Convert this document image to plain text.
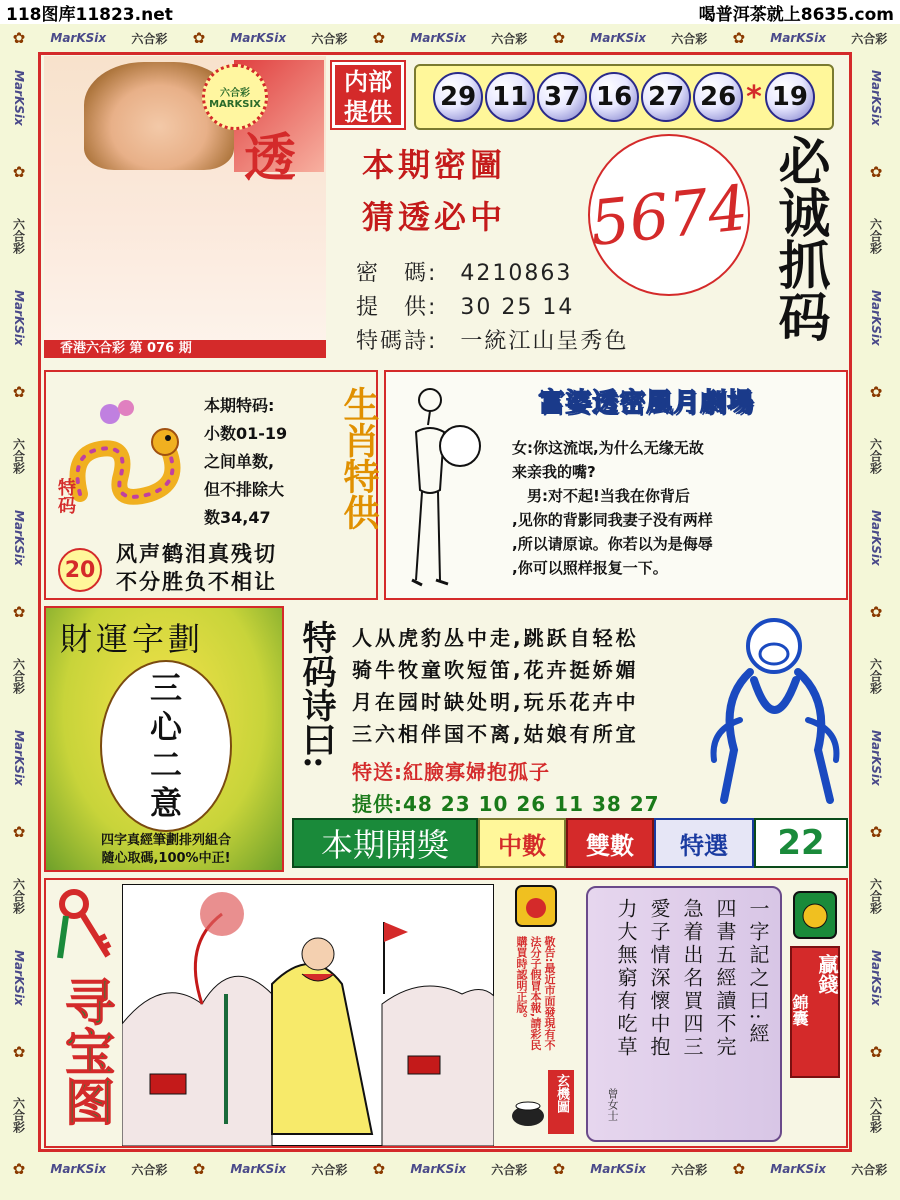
118图库11823.net	喝普洱茶就上8635.com
✿ MarKSix 六合彩 ✿ MarKSix 六合彩 ✿ MarKSix 六合彩 ✿ MarKSix 六合彩 ✿ MarKSix 六合彩
✿ MarKSix 六合彩 ✿ MarKSix 六合彩 ✿ MarKSix 六合彩 ✿ MarKSix 六合彩 ✿ MarKSix 六合彩
MarKSix
✿
六合彩
MarKSix
✿
六合彩
MarKSix
✿
六合彩
MarKSix
✿
六合彩
MarKSix
✿
六合彩
MarKSix
✿
六合彩
MarKSix
✿
六合彩
MarKSix
✿
六合彩
MarKSix
✿
六合彩
MarKSix
✿
六合彩
六合彩MARKSIX
透
香港六合彩 第 076 期
内部提供	29 11 37 16 27 26 * 19
本期密圖
猜透必中 5674 必诚抓码
密　碼: 4210863
提　供: 30 25 14
特碼詩: 一統江山呈秀色
特码
本期特码:
小数01-19
之间单数,
但不排除大
数34,47
20
风声鹤泪真残切
不分胜负不相让
生肖特供	富婆透密風月劇場
女:你这流氓,为什么无缘无故
来亲我的嘴?
　男:对不起!当我在你背后
,见你的背影同我妻子没有两样
,所以请原谅。你若以为是侮辱
,你可以照样报复一下。
財運字劃
三
心
二
意
四字真經筆劃排列組合
隨心取碼,100%中正!
特码诗曰: 人从虎豹丛中走,跳跃自轻松
骑牛牧童吹短笛,花卉挺娇媚
月在园时缺处明,玩乐花卉中
三六相伴国不离,姑娘有所宜
特送:紅臉寡婦抱孤子
提供:48 23 10 26 11 38 27
本期開獎	中數	雙數	特選	22
寻宝图	敬告:最近市面發現有不法分子假冒本報,請彩民購買時認明正版。
玄機圖
一字記之曰:經
四書五經讀不完
急着出名買四三
愛子情深懷中抱
力大無窮有吃草
曾女士
錦囊
贏錢
